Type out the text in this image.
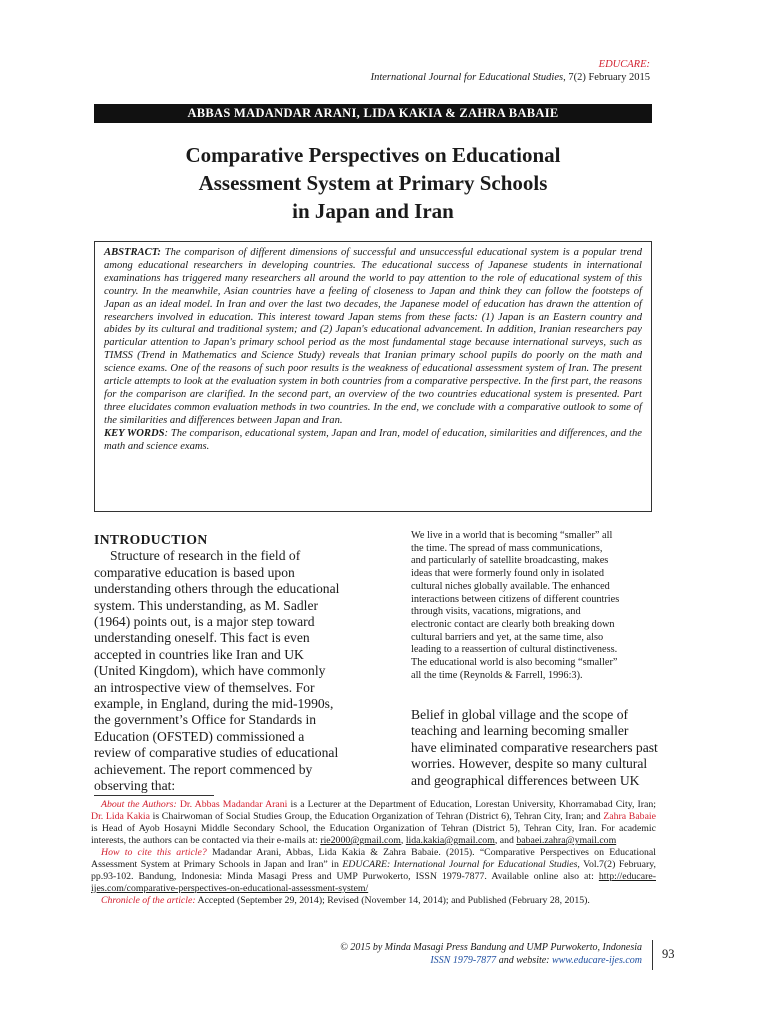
EDUCARE:
International Journal for Educational Studies, 7(2) February 2015
ABBAS MADANDAR ARANI, LIDA KAKIA & ZAHRA BABAIE
Comparative Perspectives on Educational
Assessment System at Primary Schools
in Japan and Iran
ABSTRACT: The comparison of different dimensions of successful and unsuccessful educational system is a popular trend among educational researchers in developing countries. The educational success of Japanese students in international examinations has triggered many researchers all around the world to pay attention to the role of educational system of this country. In the meanwhile, Asian countries have a feeling of closeness to Japan and think they can follow the footsteps of Japan as an ideal model. In Iran and over the last two decades, the Japanese model of education has drawn the attention of researchers involved in education. This interest toward Japan stems from these facts: (1) Japan is an Eastern country and abides by its cultural and traditional system; and (2) Japan's educational advancement. In addition, Iranian researchers pay particular attention to Japan's primary school period as the most fundamental stage because international surveys, such as TIMSS (Trend in Mathematics and Science Study) reveals that Iranian primary school pupils do poorly on the math and science exams. One of the reasons of such poor results is the weakness of educational assessment system of Iran. The present article attempts to look at the evaluation system in both countries from a comparative perspective. In the first part, the reasons for the comparison are clarified. In the second part, an overview of the two countries educational system is presented. Part three elucidates common evaluation methods in two countries. In the end, we conclude with a comparative outlook to some of the similarities and differences between Japan and Iran.
KEY WORDS: The comparison, educational system, Japan and Iran, model of education, similarities and differences, and the math and science exams.
INTRODUCTION

Structure of research in the field of
comparative education is based upon
understanding others through the educational
system. This understanding, as M. Sadler
(1964) points out, is a major step toward
understanding oneself. This fact is even
accepted in countries like Iran and UK
(United Kingdom), which have commonly
an introspective view of themselves. For
example, in England, during the mid-1990s,
the government’s Office for Standards in
Education (OFSTED) commissioned a
review of comparative studies of educational
achievement. The report commenced by
observing that:

We live in a world that is becoming “smaller” all
the time. The spread of mass communications,
and particularly of satellite broadcasting, makes
ideas that were formerly found only in isolated
cultural niches globally available. The enhanced
interactions between citizens of different countries
through visits, vacations, migrations, and
electronic contact are clearly both breaking down
cultural barriers and yet, at the same time, also
leading to a reassertion of cultural distinctiveness.
The educational world is also becoming “smaller”
all the time (Reynolds & Farrell, 1996:3).
Belief in global village and the scope of
teaching and learning becoming smaller
have eliminated comparative researchers past
worries. However, despite so many cultural
and geographical differences between UK

About the Authors: Dr. Abbas Madandar Arani is a Lecturer at the Department of Education, Lorestan University, Khorramabad City, Iran; Dr. Lida Kakia is Chairwoman of Social Studies Group, the Education Organization of Tehran (District 6), Tehran City, Iran; and Zahra Babaie is Head of Ayob Hosayni Middle Secondary School, the Education Organization of Tehran (District 5), Tehran City, Iran. For academic interests, the authors can be contacted via their e-mails at: rie2000@gmail.com, lida.kakia@gmail.com, and babaei.zahra@ymail.com

How to cite this article? Madandar Arani, Abbas, Lida Kakia & Zahra Babaie. (2015). “Comparative Perspectives on Educational Assessment System at Primary Schools in Japan and Iran” in EDUCARE: International Journal for Educational Studies, Vol.7(2) February, pp.93-102. Bandung, Indonesia: Minda Masagi Press and UMP Purwokerto, ISSN 1979-7877. Available online also at: http://educare-ijes.com/comparative-perspectives-on-educational-assessment-system/

Chronicle of the article: Accepted (September 29, 2014); Revised (November 14, 2014); and Published (February 28, 2015).

© 2015 by Minda Masagi Press Bandung and UMP Purwokerto, Indonesia
ISSN 1979-7877 and website: www.educare-ijes.com 93
